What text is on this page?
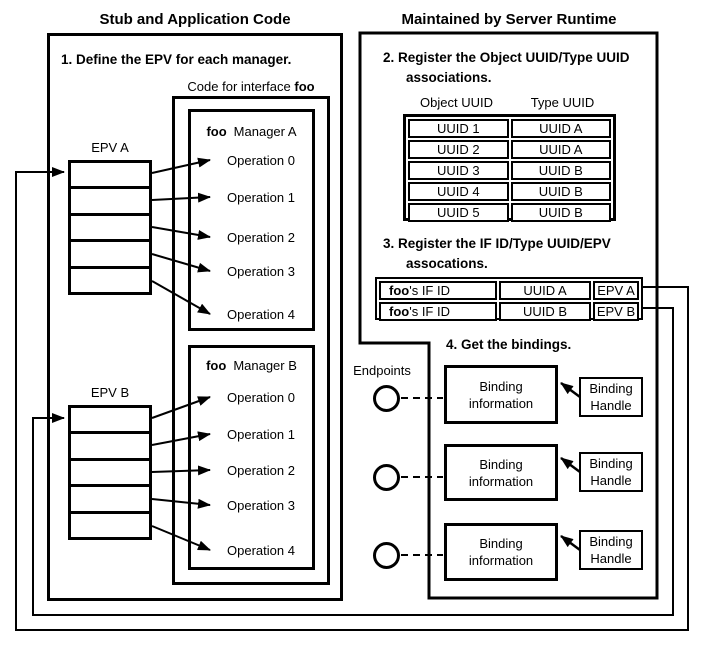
Stub and Application Code	Maintained by Server Runtime
1. Define the EPV for each manager.
Code for interface foo
EPV A
EPV B
foo Manager A
Operation 0
Operation 1
Operation 2
Operation 3
Operation 4
foo Manager B
Operation 0
Operation 1
Operation 2
Operation 3
Operation 4
2. Register the Object UUID/Type UUID
associations.
Object UUID	Type UUID
UUID 1	UUID A
UUID 2	UUID A
UUID 3	UUID B
UUID 4	UUID B
UUID 5	UUID B
3. Register the IF ID/Type UUID/EPV
assocations.
foo 's IF ID	UUID A	EPV A
foo 's IF ID	UUID B	EPV B
4. Get the bindings.
Endpoints
Binding
information
Binding
information
Binding
information
Binding
Handle
Binding
Handle
Binding
Handle
